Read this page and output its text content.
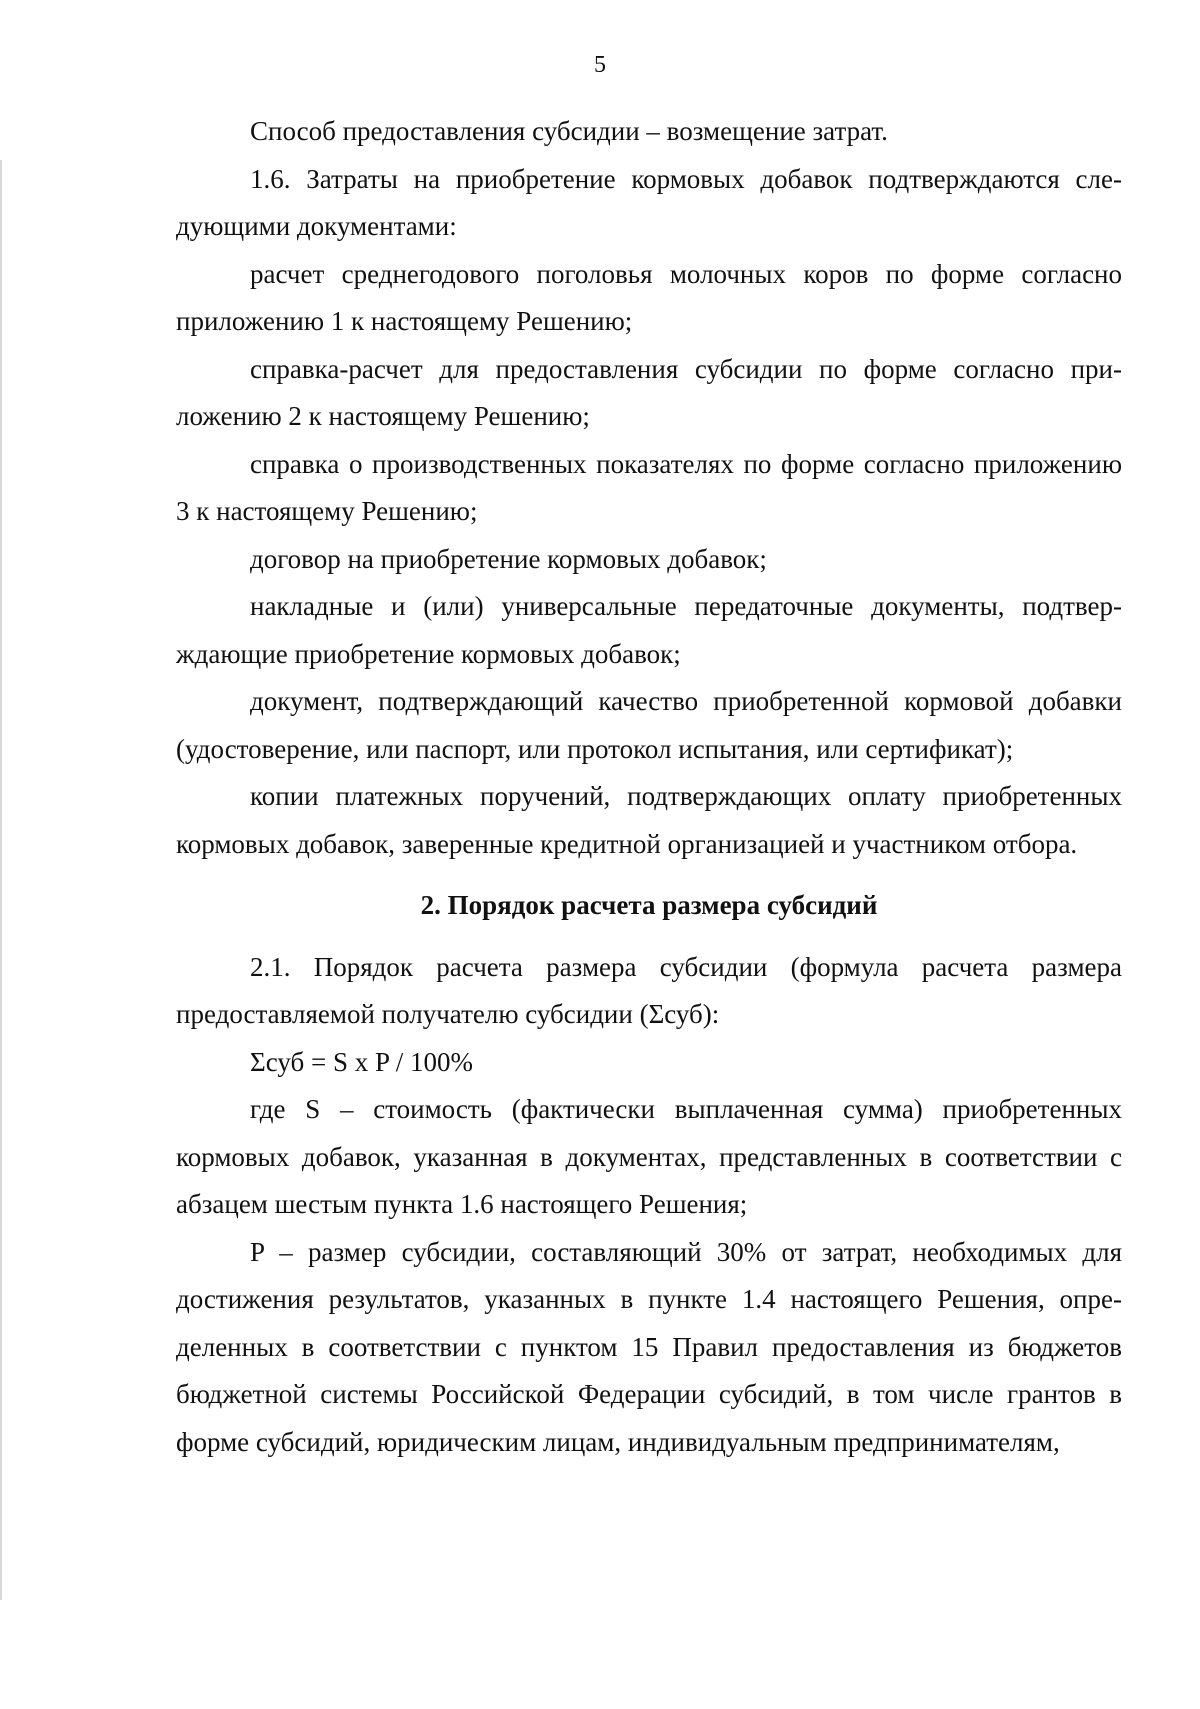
5

Способ предоставления субсидии – возмещение затрат.

1.6. Затраты на приобретение кормовых добавок подтверждаются следующими документами:

расчет среднегодового поголовья молочных коров по форме согласно приложению 1 к настоящему Решению;

справка-расчет для предоставления субсидии по форме согласно приложению 2 к настоящему Решению;

справка о производственных показателях по форме согласно приложению 3 к настоящему Решению;

договор на приобретение кормовых добавок;

накладные и (или) универсальные передаточные документы, подтверждающие приобретение кормовых добавок;

документ, подтверждающий качество приобретенной кормовой добавки (удостоверение, или паспорт, или протокол испытания, или сертификат);

копии платежных поручений, подтверждающих оплату приобретенных кормовых добавок, заверенные кредитной организацией и участником отбора.

2. Порядок расчета размера субсидий

2.1. Порядок расчета размера субсидии (формула расчета размера предоставляемой получателю субсидии (Σсуб):

Σсуб = S x P / 100%

где S – стоимость (фактически выплаченная сумма) приобретенных кормовых добавок, указанная в документах, представленных в соответствии с абзацем шестым пункта 1.6 настоящего Решения;

P – размер субсидии, составляющий 30% от затрат, необходимых для достижения результатов, указанных в пункте 1.4 настоящего Решения, определенных в соответствии с пунктом 15 Правил предоставления из бюджетов бюджетной системы Российской Федерации субсидий, в том числе грантов в форме субсидий, юридическим лицам, индивидуальным предпринимателям,
